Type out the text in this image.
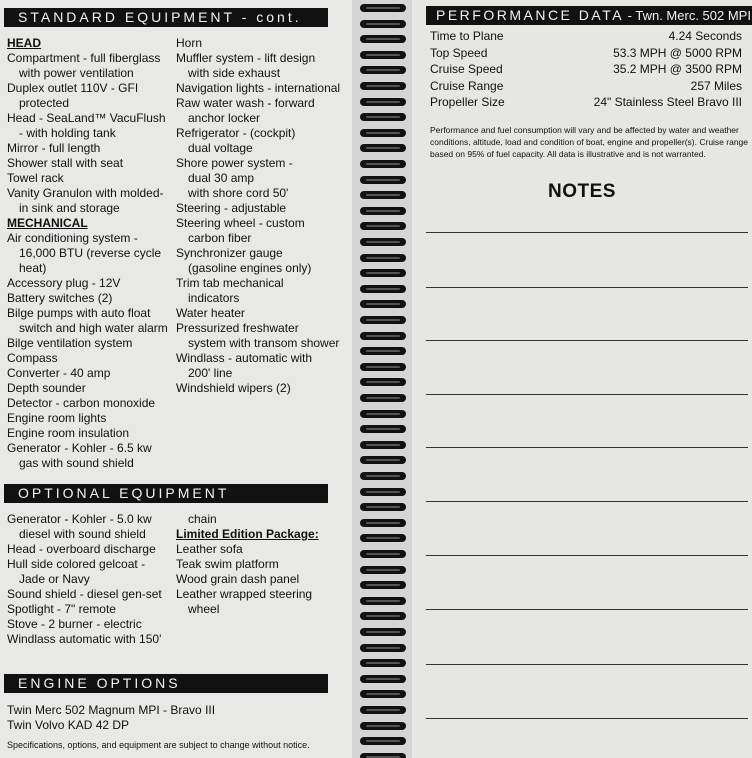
STANDARD EQUIPMENT - cont.
HEAD
Compartment - full fiberglass
with power ventilation
Duplex outlet 110V - GFI
protected
Head - SeaLand™ VacuFlush
- with holding tank
Mirror - full length
Shower stall with seat
Towel rack
Vanity Granulon with molded-
in sink and storage
MECHANICAL
Air conditioning system -
16,000 BTU (reverse cycle
heat)
Accessory plug - 12V
Battery switches (2)
Bilge pumps with auto float
switch and high water alarm
Bilge ventilation system
Compass
Converter - 40 amp
Depth sounder
Detector - carbon monoxide
Engine room lights
Engine room insulation
Generator - Kohler - 6.5 kw
gas with sound shield
Horn
Muffler system - lift design
with side exhaust
Navigation lights - international
Raw water wash - forward
anchor locker
Refrigerator - (cockpit)
dual voltage
Shore power system -
dual 30 amp
with shore cord 50'
Steering - adjustable
Steering wheel - custom
carbon fiber
Synchronizer gauge
(gasoline engines only)
Trim tab mechanical
indicators
Water heater
Pressurized freshwater
system with transom shower
Windlass - automatic with
200' line
Windshield wipers (2)
OPTIONAL EQUIPMENT
Generator - Kohler - 5.0 kw
diesel with sound shield
Head - overboard discharge
Hull side colored gelcoat -
Jade or Navy
Sound shield - diesel gen-set
Spotlight - 7" remote
Stove - 2 burner - electric
Windlass automatic with 150'
chain
Limited Edition Package:
Leather sofa
Teak swim platform
Wood grain dash panel
Leather wrapped steering
wheel
ENGINE OPTIONS
Twin Merc 502 Magnum MPI - Bravo III
Twin Volvo KAD 42 DP
Specifications, options, and equipment are subject to change without notice.
PERFORMANCE DATA - Twn. Merc. 502 MPI
Time to Plane	4.24 Seconds
Top Speed	53.3 MPH @ 5000 RPM
Cruise Speed	35.2 MPH @ 3500 RPM
Cruise Range	257 Miles
Propeller Size	24" Stainless Steel Bravo III
Performance and fuel consumption will vary and be affected by water and weather conditions, altitude, load and condition of boat, engine and propeller(s). Cruise range based on 95% of fuel capacity. All data is illustrative and is not warranted.
NOTES
